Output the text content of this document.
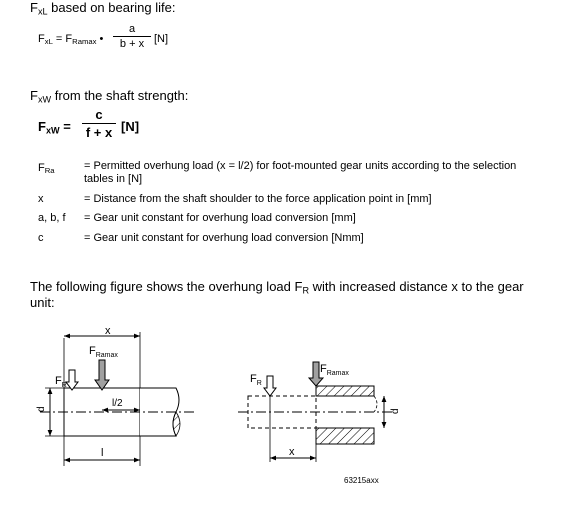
$F_{xL}$ based on bearing life:
$F_{xL} = F_{Ramax}$ • $\frac{a}{b + x} [N]$
$F_{xW}$ from the shaft strength:
$F_{xW} = \frac{c}{f + x} [N]$
$F_{Ra}$	= Permitted overhung load (x = l/2) for foot-mounted gear units according to the selection tables in [N]
x	= Distance from the shaft shoulder to the force application point in [mm]
a, b, f = Gear unit constant for overhung load conversion [mm]
c	= Gear unit constant for overhung load conversion [Nmm]
The following figure shows the overhung load $F_R$ with increased distance x to the gear
unit:
x
$F_{Ramax}$
$F_R$
l/2
d
l
$F_{Ramax}$
$F_R$
d
x
63215axx
